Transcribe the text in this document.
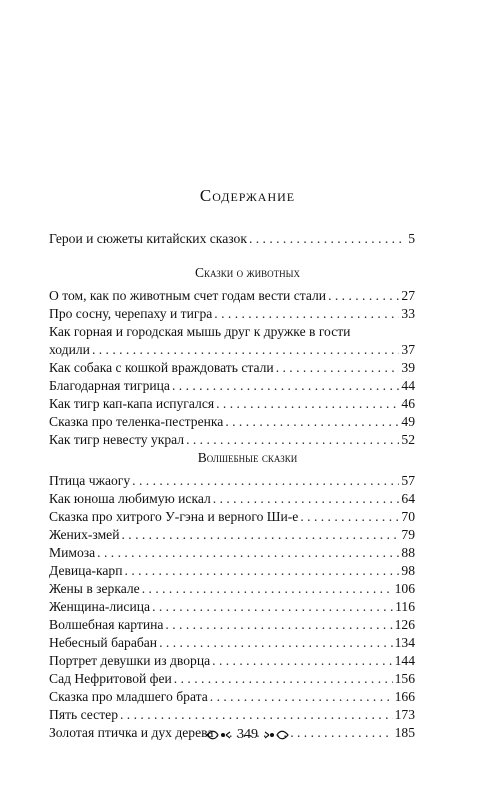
Содержание
Герои и сюжеты китайских сказок . . .	5
Сказки о животных
О том, как по животным счет годам вести стали . . .	27
Про сосну, черепаху и тигра . . .	33
Как горная и городская мышь друг к дружке в гости
ходили . . .	37
Как собака с кошкой враждовать стали . . .	39
Благодарная тигрица . . .	44
Как тигр кап-капа испугался . . .	46
Сказка про теленка-пестренка . . .	49
Как тигр невесту украл . . .	52
Волшебные сказки
Птица чжаогу . . .	57
Как юноша любимую искал . . .	64
Сказка про хитрого У-гэна и верного Ши-е . . .	70
Жених-змей . . .	79
Мимоза . . .	88
Девица-карп . . .	98
Жены в зеркале . . .	106
Женщина-лисица . . .	116
Волшебная картина . . .	126
Небесный барабан . . .	134
Портрет девушки из дворца . . .	144
Сад Нефритовой феи . . .	156
Сказка про младшего брата . . .	166
Пять сестер . . .	173
Золотая птичка и дух дерева . . .	185
349
